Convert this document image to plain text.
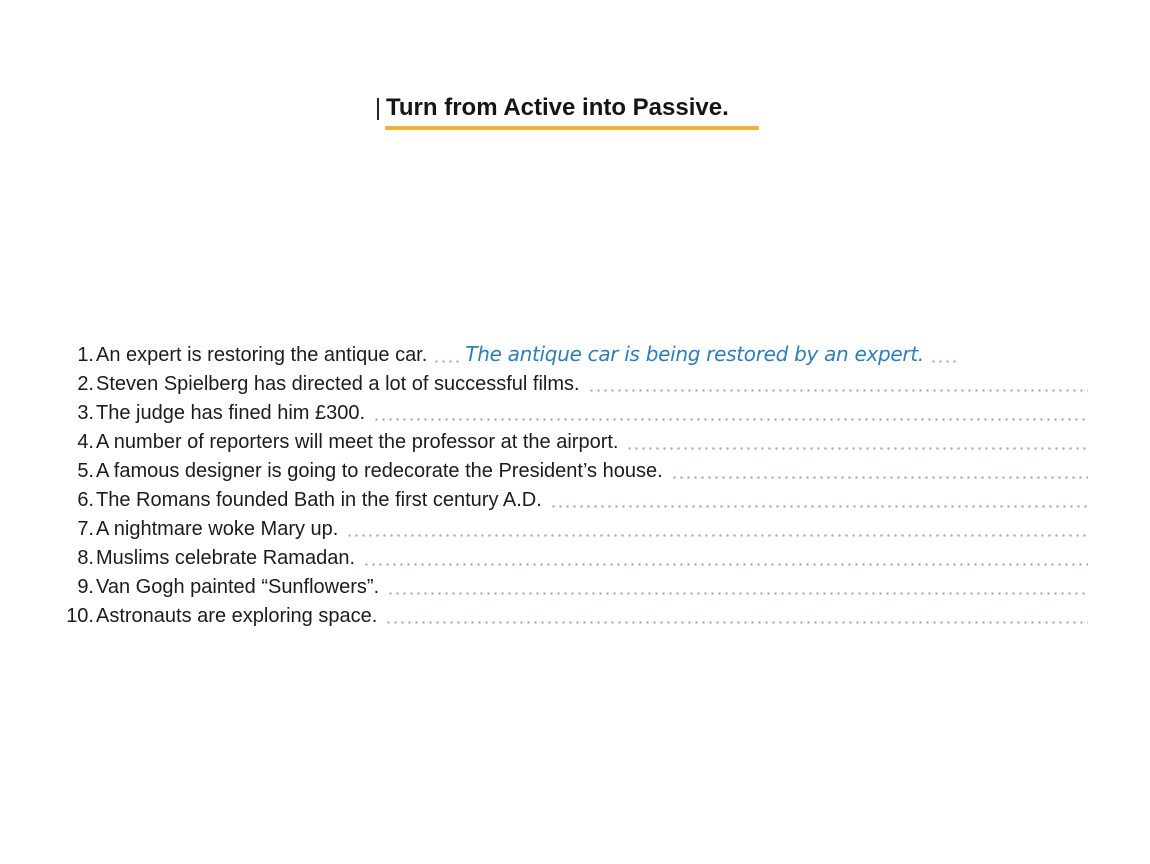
Turn from Active into Passive.
1. An expert is restoring the antique car.	The antique car is being restored by an expert.
2. Steven Spielberg has directed a lot of successful films.
3. The judge has fined him £300.
4. A number of reporters will meet the professor at the airport.
5. A famous designer is going to redecorate the President’s house.
6. The Romans founded Bath in the first century A.D.
7. A nightmare woke Mary up.
8. Muslims celebrate Ramadan.
9. Van Gogh painted “Sunflowers”.
10. Astronauts are exploring space.
